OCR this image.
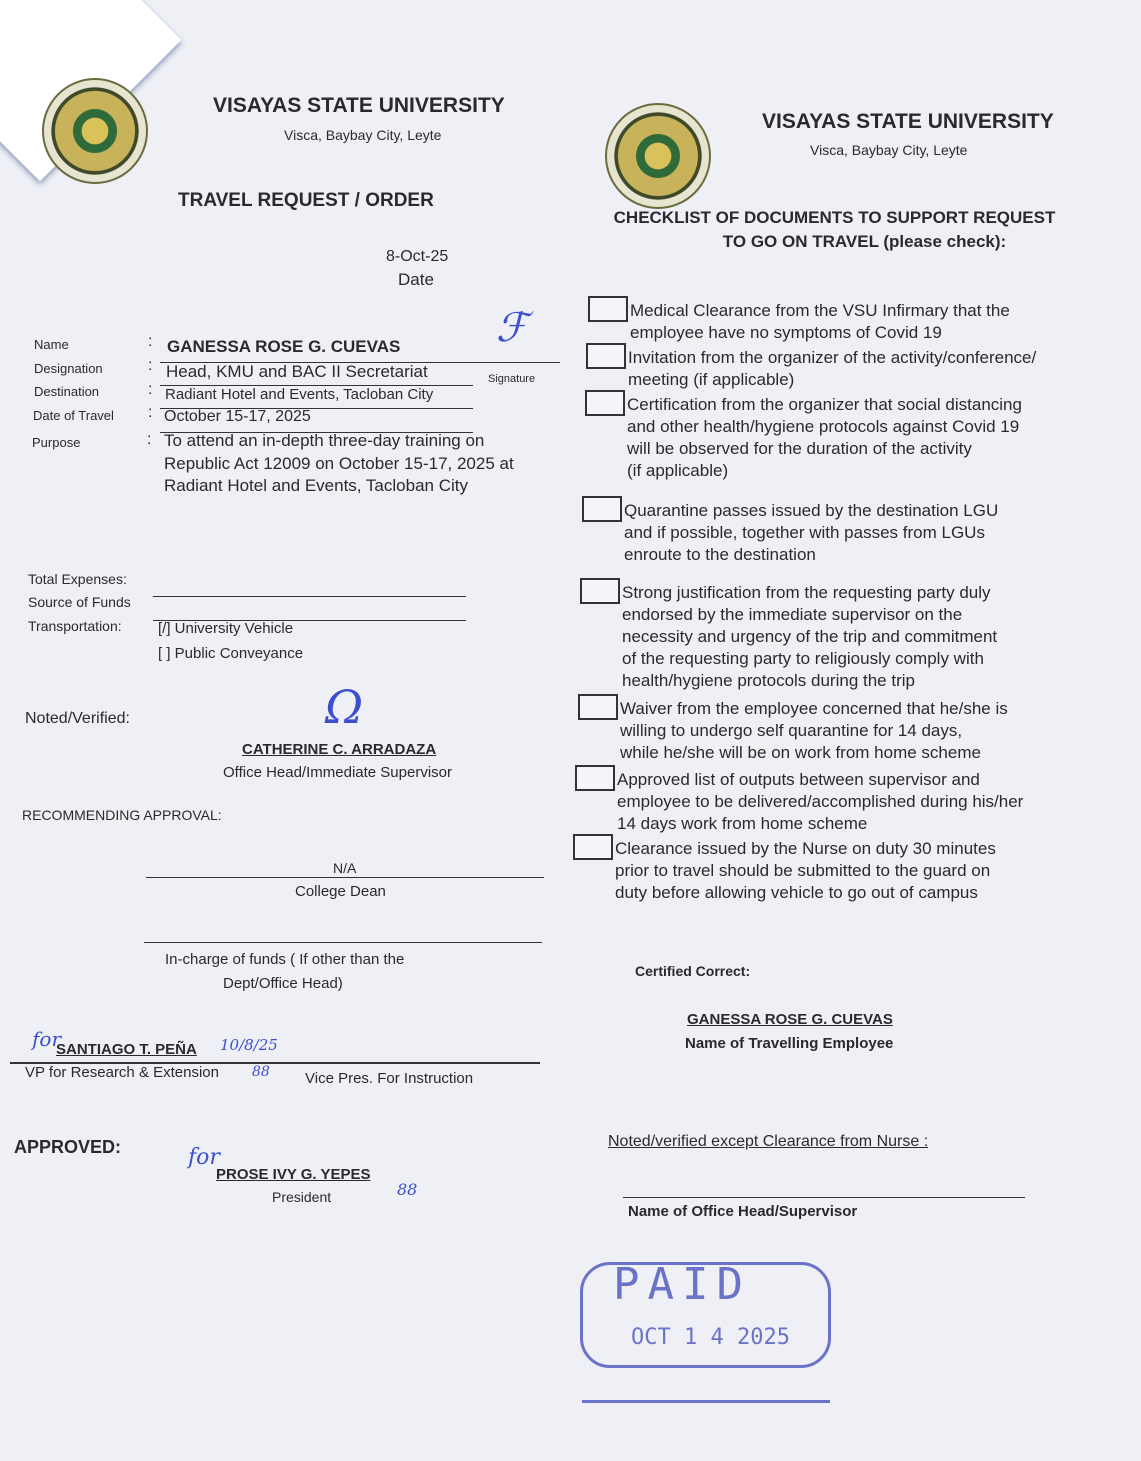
VISAYAS STATE UNIVERSITY
Visca, Baybay City, Leyte
TRAVEL REQUEST / ORDER
8-Oct-25
Date
Name	: GANESSA ROSE G. CUEVAS ℱ
Signature
Designation	: Head, KMU and BAC II Secretariat
Destination	: Radiant Hotel and Events, Tacloban City
Date of Travel : October 15-17, 2025
Purpose	: To attend an in-depth three-day training on
Republic Act 12009 on October 15-17, 2025 at
Radiant Hotel and Events, Tacloban City
Total Expenses:
Source of Funds
Transportation: [/] University Vehicle
[ ] Public Conveyance
Noted/Verified:	Ω
CATHERINE C. ARRADAZA
Office Head/Immediate Supervisor
RECOMMENDING APPROVAL:
N/A
College Dean
In-charge of funds ( If other than the
Dept/Office Head)
for
SANTIAGO T. PEÑA 10/8/25
VP for Research & Extension 88 Vice Pres. For Instruction
APPROVED:	for
PROSE IVY G. YEPES
President	88
VISAYAS STATE UNIVERSITY
Visca, Baybay City, Leyte
CHECKLIST OF DOCUMENTS TO SUPPORT REQUEST
TO GO ON TRAVEL (please check):
Medical Clearance from the VSU Infirmary that the
employee have no symptoms of Covid 19
Invitation from the organizer of the activity/conference/
meeting (if applicable)
Certification from the organizer that social distancing
and other health/hygiene protocols against Covid 19
will be observed for the duration of the activity
(if applicable)
Quarantine passes issued by the destination LGU
and if possible, together with passes from LGUs
enroute to the destination
Strong justification from the requesting party duly
endorsed by the immediate supervisor on the
necessity and urgency of the trip and commitment
of the requesting party to religiously comply with
health/hygiene protocols during the trip
Waiver from the employee concerned that he/she is
willing to undergo self quarantine for 14 days,
while he/she will be on work from home scheme
Approved list of outputs between supervisor and
employee to be delivered/accomplished during his/her
14 days work from home scheme
Clearance issued by the Nurse on duty 30 minutes
prior to travel should be submitted to the guard on
duty before allowing vehicle to go out of campus
Certified Correct:
GANESSA ROSE G. CUEVAS
Name of Travelling Employee
Noted/verified except Clearance from Nurse :
Name of Office Head/Supervisor
PAID
OCT 1 4 2025
